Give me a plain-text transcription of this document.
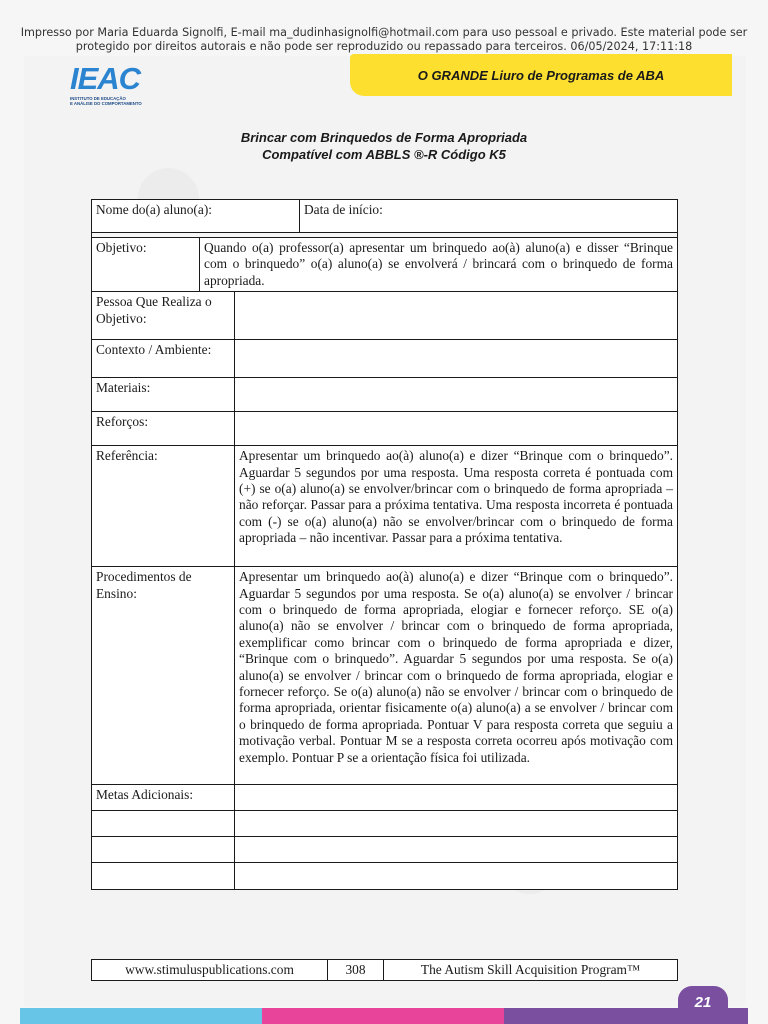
Impresso por Maria Eduarda Signolfi, E-mail ma_dudinhasignolfi@hotmail.com para uso pessoal e privado. Este material pode ser protegido por direitos autorais e não pode ser reproduzido ou repassado para terceiros. 06/05/2024, 17:11:18
IEAC
INSTITUTO DE EDUCAÇÃO
E ANÁLISE DO COMPORTAMENTO
O GRANDE Liuro de Programas de ABA
Brincar com Brinquedos de Forma Apropriada
Compatível com ABBLS ®-R Código K5
Nome do(a) aluno(a):			Data de início:

Objetivo:	Quando o(a) professor(a) apresentar um brinquedo ao(à) aluno(a) e disser “Brinque com o brinquedo” o(a) aluno(a) se envolverá / brincará com o brinquedo de forma apropriada.		
Pessoa Que Realiza o Objetivo:			
Contexto / Ambiente:			
Materiais:			
Reforços:			
Referência:		Apresentar um brinquedo ao(à) aluno(a) e dizer “Brinque com o brinquedo”. Aguardar 5 segundos por uma resposta. Uma resposta correta é pontuada com (+) se o(a) aluno(a) se envolver/brincar com o brinquedo de forma apropriada – não reforçar. Passar para a próxima tentativa. Uma resposta incorreta é pontuada com (-) se o(a) aluno(a) não se envolver/brincar com o brinquedo de forma apropriada – não incentivar. Passar para a próxima tentativa.	
Procedimentos de Ensino:		Apresentar um brinquedo ao(à) aluno(a) e dizer “Brinque com o brinquedo”. Aguardar 5 segundos por uma resposta. Se o(a) aluno(a) se envolver / brincar com o brinquedo de forma apropriada, elogiar e fornecer reforço. SE o(a) aluno(a) não se envolver / brincar com o brinquedo de forma apropriada, exemplificar como brincar com o brinquedo de forma apropriada e dizer, “Brinque com o brinquedo”. Aguardar 5 segundos por uma resposta. Se o(a) aluno(a) se envolver / brincar com o brinquedo de forma apropriada, elogiar e fornecer reforço. Se o(a) aluno(a) não se envolver / brincar com o brinquedo de forma apropriada, orientar fisicamente o(a) aluno(a) a se envolver / brincar com o brinquedo de forma apropriada. Pontuar V para resposta correta que seguiu a motivação verbal. Pontuar M se a resposta correta ocorreu após motivação com exemplo. Pontuar P se a orientação física foi utilizada.	
Metas Adicionais:			

www.stimuluspublications.com	308	The Autism Skill Acquisition Program™
21
